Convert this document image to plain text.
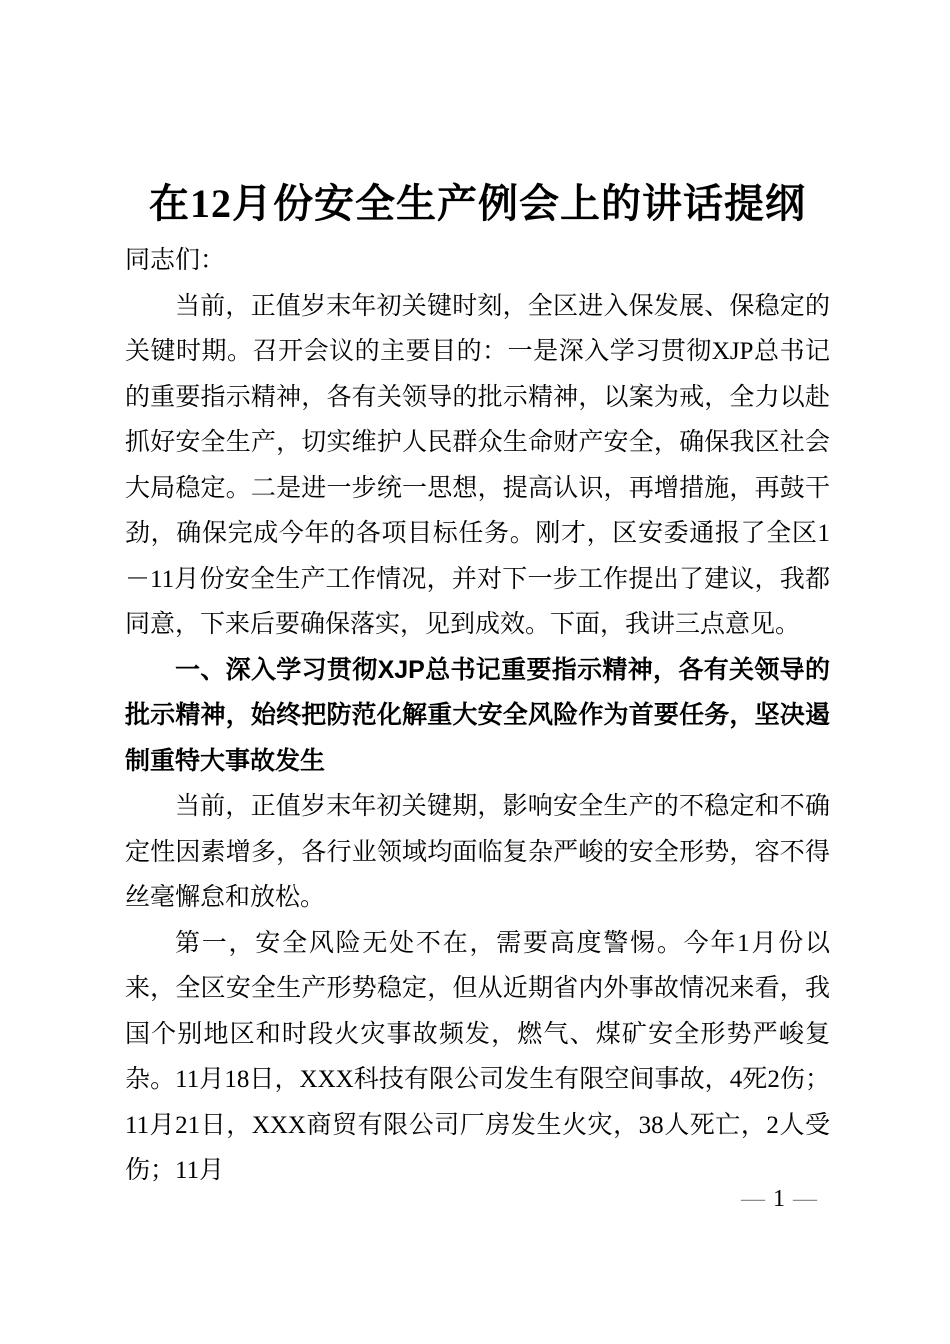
在12月份安全生产例会上的讲话提纲

同志们：

当前，正值岁末年初关键时刻，全区进入保发展、保稳定的关键时期。召开会议的主要目的：一是深入学习贯彻XJP总书记的重要指示精神，各有关领导的批示精神，以案为戒，全力以赴抓好安全生产，切实维护人民群众生命财产安全，确保我区社会大局稳定。二是进一步统一思想，提高认识，再增措施，再鼓干劲，确保完成今年的各项目标任务。刚才，区安委通报了全区1－11月份安全生产工作情况，并对下一步工作提出了建议，我都同意，下来后要确保落实，见到成效。下面，我讲三点意见。

一、深入学习贯彻XJP总书记重要指示精神，各有关领导的批示精神，始终把防范化解重大安全风险作为首要任务，坚决遏制重特大事故发生

当前，正值岁末年初关键期，影响安全生产的不稳定和不确定性因素增多，各行业领域均面临复杂严峻的安全形势，容不得丝毫懈怠和放松。

第一，安全风险无处不在，需要高度警惕。今年1月份以来，全区安全生产形势稳定，但从近期省内外事故情况来看，我国个别地区和时段火灾事故频发，燃气、煤矿安全形势严峻复杂。11月18日，XXX科技有限公司发生有限空间事故，4死2伤；11月21日，XXX商贸有限公司厂房发生火灾，38人死亡，2人受伤；11月

— 1 —
